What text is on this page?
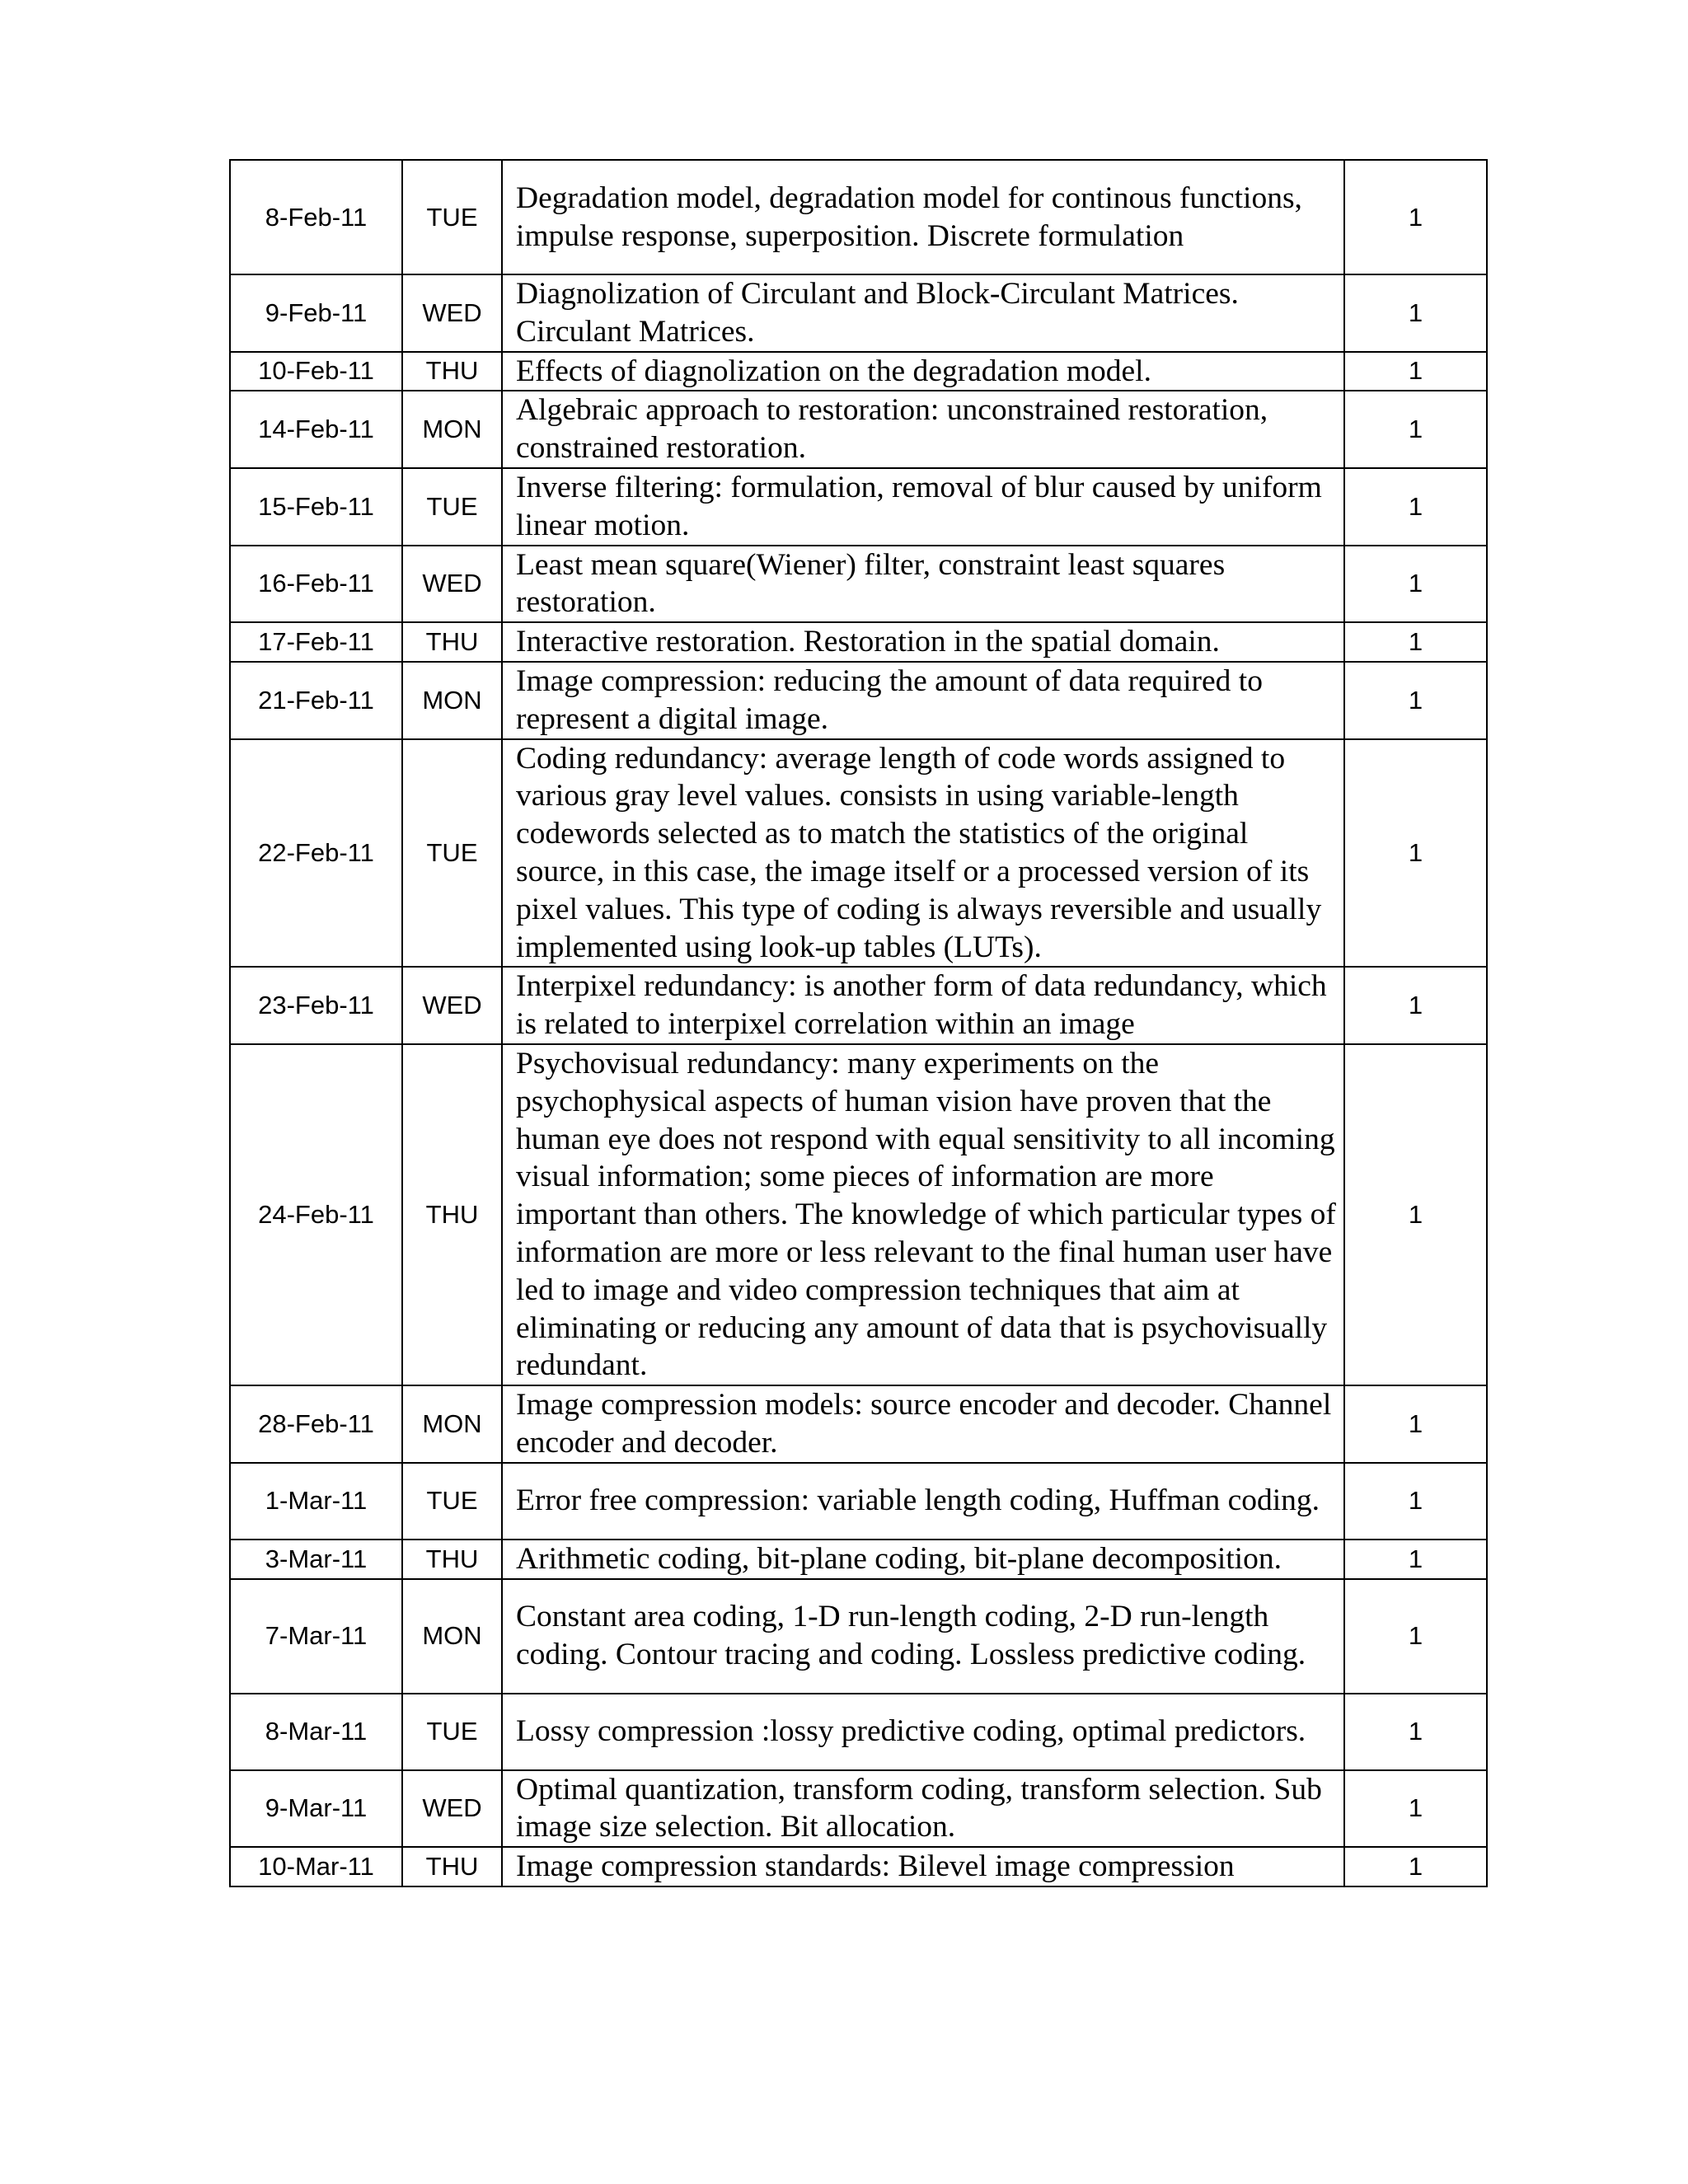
8-Feb-11	TUE	Degradation model, degradation model for continous functions, impulse response, superposition. Discrete formulation	1
9-Feb-11	WED	Diagnolization of Circulant and Block-Circulant Matrices. Circulant Matrices.	1
10-Feb-11	THU	Effects of diagnolization on the degradation model.	1
14-Feb-11	MON	Algebraic approach to restoration: unconstrained restoration, constrained restoration.	1
15-Feb-11	TUE	Inverse filtering: formulation, removal of blur caused by uniform linear motion.	1
16-Feb-11	WED	Least mean square(Wiener) filter, constraint least squares restoration.	1
17-Feb-11	THU	Interactive restoration. Restoration in the spatial domain.	1
21-Feb-11	MON	Image compression: reducing the amount of data required to represent a digital image.	1
22-Feb-11	TUE	Coding redundancy: average length of code words assigned to various gray level values. consists in using variable-length codewords selected as to match the statistics of the original source, in this case, the image itself or a processed version of its pixel values. This type of coding is always reversible and usually implemented using look-up tables (LUTs).	1
23-Feb-11	WED	Interpixel redundancy: is another form of data redundancy, which is related to interpixel correlation within an image	1
24-Feb-11	THU	Psychovisual redundancy: many experiments on the psychophysical aspects of human vision have proven that the human eye does not respond with equal sensitivity to all incoming visual information; some pieces of information are more important than others. The knowledge of which particular types of information are more or less relevant to the final human user have led to image and video compression techniques that aim at eliminating or reducing any amount of data that is psychovisually redundant.	1
28-Feb-11	MON	Image compression models: source encoder and decoder. Channel encoder and decoder.	1
1-Mar-11	TUE	Error free compression: variable length coding, Huffman coding.	1
3-Mar-11	THU	Arithmetic coding, bit-plane coding, bit-plane decomposition.	1
7-Mar-11	MON	Constant area coding, 1-D run-length coding, 2-D run-length coding. Contour tracing and coding. Lossless predictive coding.	1
8-Mar-11	TUE	Lossy compression :lossy predictive coding, optimal predictors.	1
9-Mar-11	WED	Optimal quantization, transform coding, transform selection. Sub image size selection. Bit allocation.	1
10-Mar-11	THU	Image compression standards: Bilevel image compression	1
